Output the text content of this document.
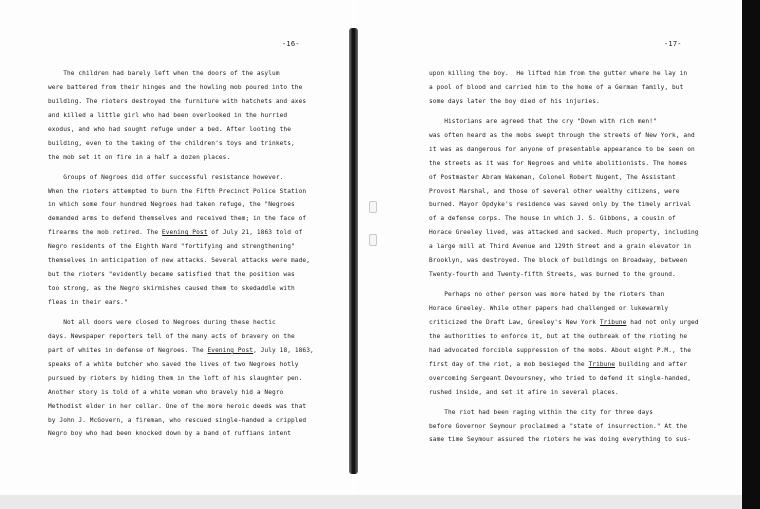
-16-
The children had barely left when the doors of the asylum
were battered from their hinges and the howling mob poured into the
building. The rioters destroyed the furniture with hatchets and axes
and killed a little girl who had been overlooked in the hurried
exodus, and who had sought refuge under a bed. After looting the
building, even to the taking of the children's toys and trinkets,
the mob set it on fire in a half a dozen places.
Groups of Negroes did offer successful resistance however.
When the rioters attempted to burn the Fifth Precinct Police Station
in which some four hundred Negroes had taken refuge, the "Negroes
demanded arms to defend themselves and received them; in the face of
firearms the mob retired. The Evening Post of July 21, 1863 told of
Negro residents of the Eighth Ward "fortifying and strengthening"
themselves in anticipation of new attacks. Several attacks were made,
but the rioters "evidently became satisfied that the position was
too strong, as the Negro skirmishes caused them to skedaddle with
fleas in their ears."
Not all doors were closed to Negroes during these hectic
days. Newspaper reporters tell of the many acts of bravery on the
part of whites in defense of Negroes. The Evening Post, July 18, 1863,
speaks of a white butcher who saved the lives of two Negroes hotly
pursued by rioters by hiding them in the loft of his slaughter pen.
Another story is told of a white woman who bravely hid a Negro
Methodist elder in her cellar. One of the more heroic deeds was that
by John J. McGovern, a fireman, who rescued single-handed a crippled
Negro boy who had been knocked down by a band of ruffians intent
-17-
upon killing the boy.  He lifted him from the gutter where he lay in
a pool of blood and carried him to the home of a German family, but
some days later the boy died of his injuries.
Historians are agreed that the cry "Down with rich men!"
was often heard as the mobs swept through the streets of New York, and
it was as dangerous for anyone of presentable appearance to be seen on
the streets as it was for Negroes and white abolitionists. The homes
of Postmaster Abram Wakeman, Colonel Robert Nugent, The Assistant
Provost Marshal, and those of several other wealthy citizens, were
burned. Mayor Opdyke's residence was saved only by the timely arrival
of a defense corps. The house in which J. S. Gibbons, a cousin of
Horace Greeley lived, was attacked and sacked. Much property, including
a large mill at Third Avenue and 129th Street and a grain elevator in
Brooklyn, was destroyed. The block of buildings on Broadway, between
Twenty-fourth and Twenty-fifth Streets, was burned to the ground.
Perhaps no other person was more hated by the rioters than
Horace Greeley. While other papers had challenged or lukewarmly
criticized the Draft Law, Greeley's New York Tribune had not only urged
the authorities to enforce it, but at the outbreak of the rioting he
had advocated forcible suppression of the mobs. About eight P.M., the
first day of the riot, a mob besieged the Tribune building and after
overcoming Sergeant Devoursney, who tried to defend it single-handed,
rushed inside, and set it afire in several places.
The riot had been raging within the city for three days
before Governor Seymour proclaimed a "state of insurrection." At the
same time Seymour assured the rioters he was doing everything to sus-
